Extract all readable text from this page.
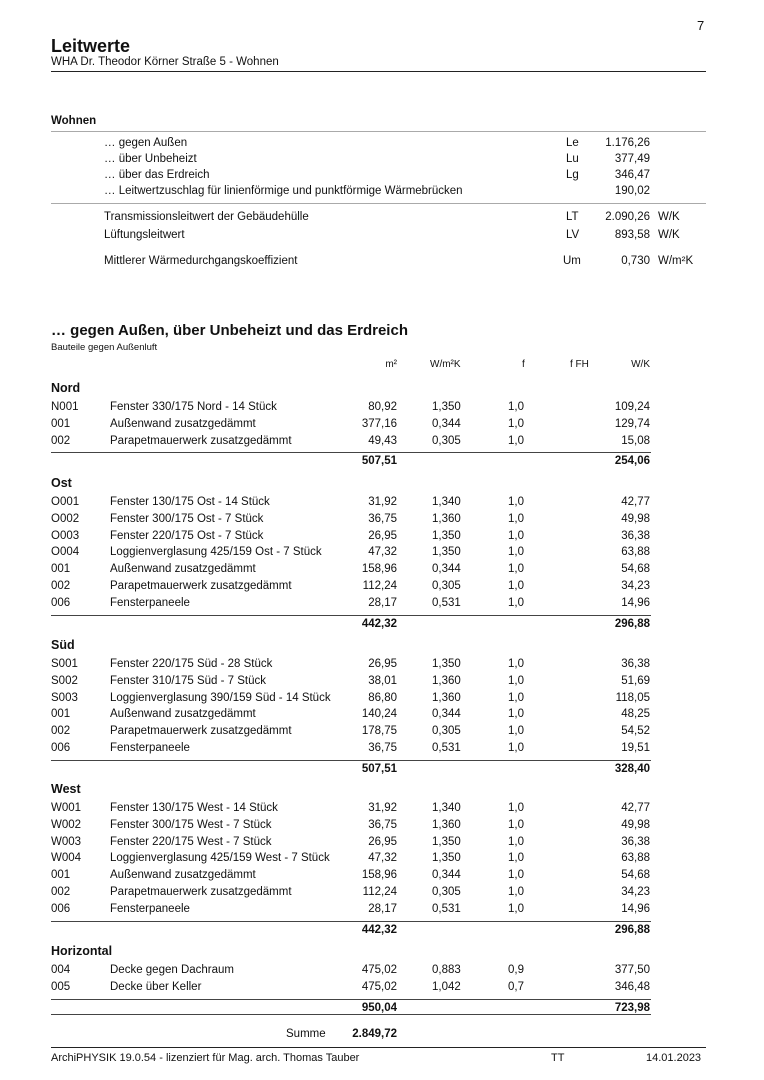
7
Leitwerte
WHA Dr. Theodor Körner Straße 5 - Wohnen
Wohnen
… gegen Außen	Le 1.176,26
… über Unbeheizt	Lu	377,49
… über das Erdreich	Lg	346,47
… Leitwertzuschlag für linienförmige und punktförmige Wärmebrücken	190,02
Transmissionsleitwert der Gebäudehülle	LT 2.090,26 W/K
Lüftungsleitwert	LV	893,58 W/K
Mittlerer Wärmedurchgangskoeffizient	Um	0,730 W/m²K
… gegen Außen, über Unbeheizt und das Erdreich
Bauteile gegen Außenluft
m²	W/m²K	f	f FH	W/K
Nord
N001	Fenster 330/175 Nord - 14 Stück	80,92	1,350	1,0	109,24
001	Außenwand zusatzgedämmt	377,16	0,344	1,0	129,74
002	Parapetmauerwerk zusatzgedämmt	49,43	0,305	1,0	15,08
507,51	254,06
Ost
O001	Fenster 130/175 Ost - 14 Stück	31,92	1,340	1,0	42,77
O002	Fenster 300/175 Ost - 7 Stück	36,75	1,360	1,0	49,98
O003	Fenster 220/175 Ost - 7 Stück	26,95	1,350	1,0	36,38
O004	Loggienverglasung 425/159 Ost - 7 Stück	47,32	1,350	1,0	63,88
001	Außenwand zusatzgedämmt	158,96	0,344	1,0	54,68
002	Parapetmauerwerk zusatzgedämmt	112,24	0,305	1,0	34,23
006	Fensterpaneele	28,17	0,531	1,0	14,96
442,32	296,88
Süd
S001	Fenster 220/175 Süd - 28 Stück	26,95	1,350	1,0	36,38
S002	Fenster 310/175 Süd - 7 Stück	38,01	1,360	1,0	51,69
S003	Loggienverglasung 390/159 Süd - 14 Stück	86,80	1,360	1,0	118,05
001	Außenwand zusatzgedämmt	140,24	0,344	1,0	48,25
002	Parapetmauerwerk zusatzgedämmt	178,75	0,305	1,0	54,52
006	Fensterpaneele	36,75	0,531	1,0	19,51
507,51	328,40
West
W001	Fenster 130/175 West - 14 Stück	31,92	1,340	1,0	42,77
W002	Fenster 300/175 West - 7 Stück	36,75	1,360	1,0	49,98
W003	Fenster 220/175 West - 7 Stück	26,95	1,350	1,0	36,38
W004	Loggienverglasung 425/159 West - 7 Stück	47,32	1,350	1,0	63,88
001	Außenwand zusatzgedämmt	158,96	0,344	1,0	54,68
002	Parapetmauerwerk zusatzgedämmt	112,24	0,305	1,0	34,23
006	Fensterpaneele	28,17	0,531	1,0	14,96
442,32	296,88
Horizontal
004	Decke gegen Dachraum	475,02	0,883	0,9	377,50
005	Decke über Keller	475,02	1,042	0,7	346,48
950,04	723,98
Summe 2.849,72
ArchiPHYSIK 19.0.54 - lizenziert für Mag. arch. Thomas Tauber	TT	14.01.2023
